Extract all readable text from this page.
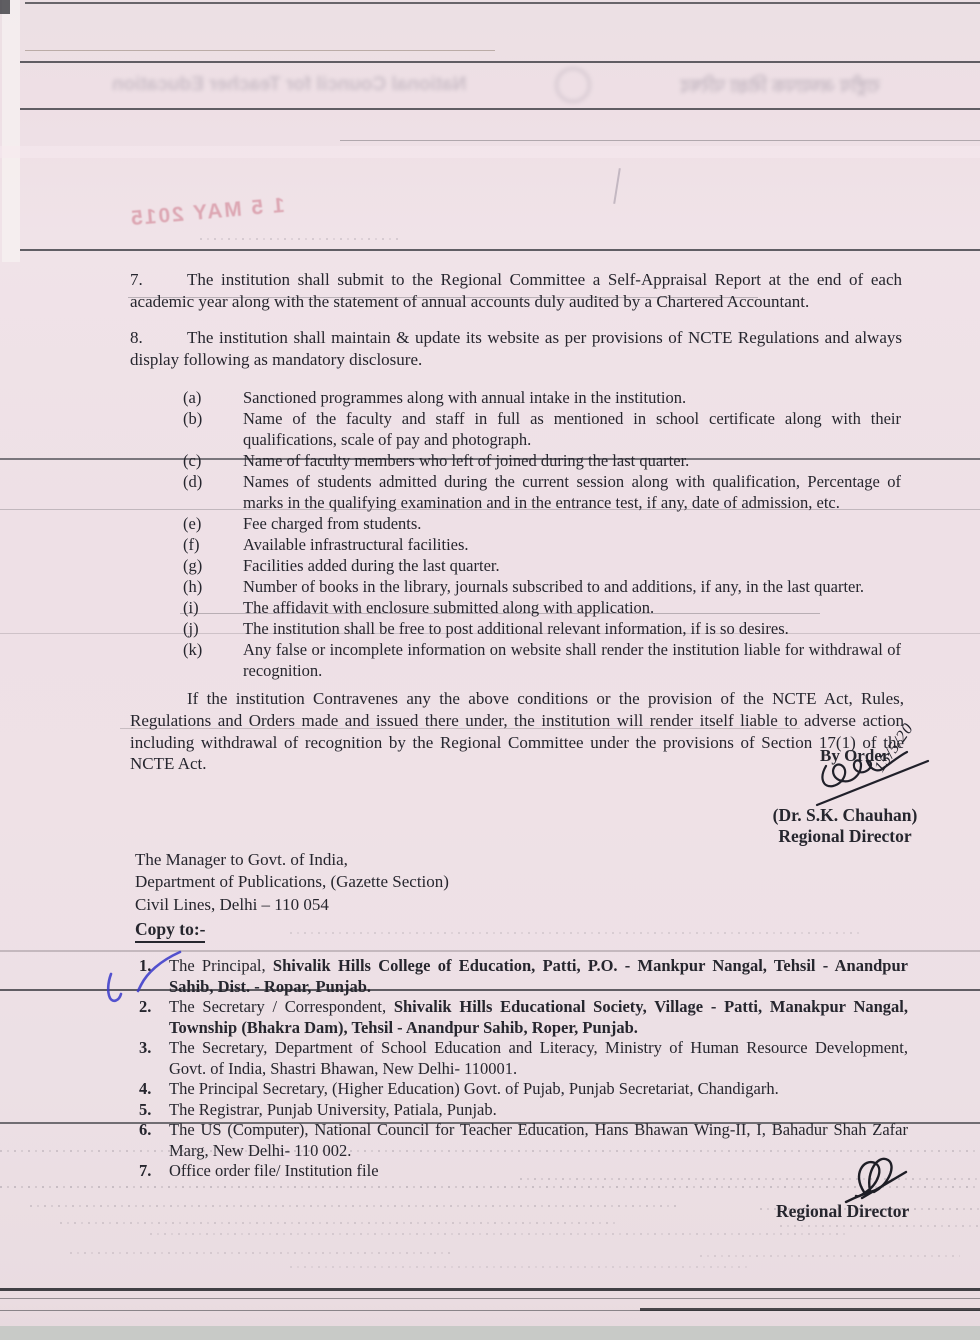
राष्ट्रीय अध्यापक शिक्षा परिषद
National Council for Teacher Education
1 5 MAY 2015
7.	The institution shall submit to the Regional Committee a Self-Appraisal Report at the end of each academic year along with the statement of annual accounts duly audited by a Chartered Accountant.
8.	The institution shall maintain & update its website as per provisions of NCTE Regulations and always display following as mandatory disclosure.
(a)	Sanctioned programmes along with annual intake in the institution.
(b)	Name of the faculty and staff in full as mentioned in school certificate along with their qualifications, scale of pay and photograph.
(c)	Name of faculty members who left of joined during the last quarter.
(d)	Names of students admitted during the current session along with qualification, Percentage of marks in the qualifying examination and in the entrance test, if any, date of admission, etc.
(e)	Fee charged from students.
(f)	Available infrastructural facilities.
(g)	Facilities added during the last quarter.
(h)	Number of books in the library, journals subscribed to and additions, if any, in the last quarter.
(i)	The affidavit with enclosure submitted along with application.
(j)	The institution shall be free to post additional relevant information, if is so desires.
(k)	Any false or incomplete information on website shall render the institution liable for withdrawal of recognition.
If the institution Contravenes any the above conditions or the provision of the NCTE Act, Rules, Regulations and Orders made and issued there under, the institution will render itself liable to adverse action including withdrawal of recognition by the Regional Committee under the provisions of Section 17(1) of the NCTE Act.	By Order
15/5/20
(Dr. S.K. Chauhan)
Regional Director
The Manager to Govt. of India,
Department of Publications, (Gazette Section)
Civil Lines, Delhi – 110 054
Copy to:-
1. The Principal, Shivalik Hills College of Education, Patti, P.O. - Mankpur Nangal, Tehsil - Anandpur Sahib, Dist. - Ropar, Punjab.
2. The Secretary / Correspondent, Shivalik Hills Educational Society, Village - Patti, Manakpur Nangal, Township (Bhakra Dam), Tehsil - Anandpur Sahib, Roper, Punjab.
3. The Secretary, Department of School Education and Literacy, Ministry of Human Resource Development, Govt. of India, Shastri Bhawan, New Delhi- 110001.
4. The Principal Secretary, (Higher Education) Govt. of Pujab, Punjab Secretariat, Chandigarh.
5. The Registrar, Punjab University, Patiala, Punjab.
6. The US (Computer), National Council for Teacher Education, Hans Bhawan Wing-II, I, Bahadur Shah Zafar Marg, New Delhi- 110 002.
7. Office order file/ Institution file
Regional Director
